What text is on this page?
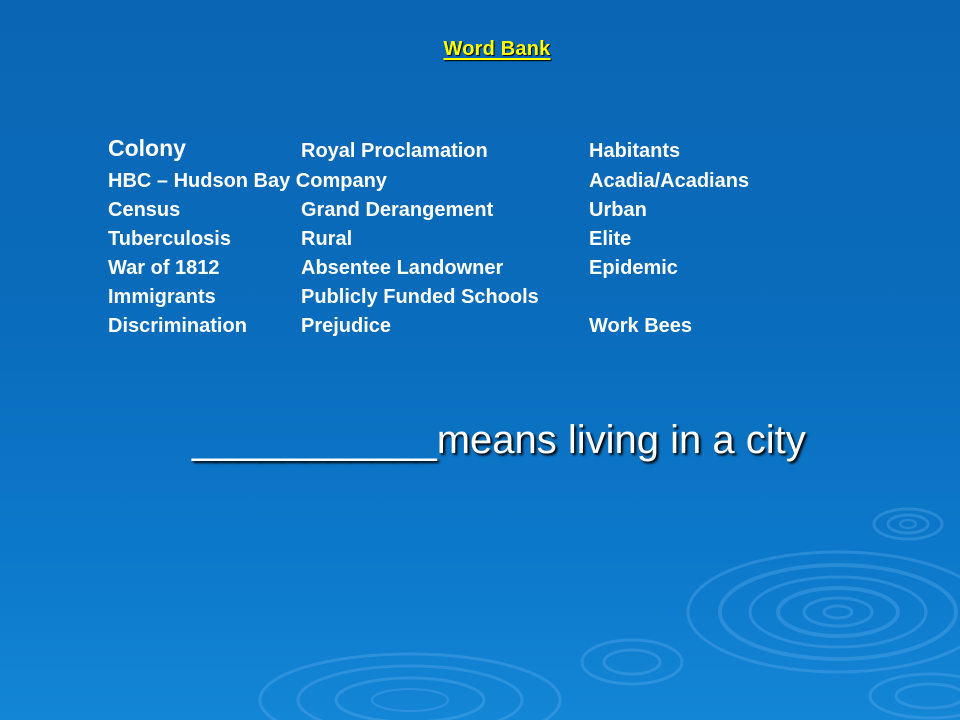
Word Bank
Colony
HBC – Hudson Bay Company
Census
Tuberculosis
War of 1812
Immigrants
Discrimination
Royal Proclamation
Grand Derangement
Rural
Absentee Landowner
Publicly Funded Schools
Prejudice
Habitants
Acadia/Acadians
Urban
Elite
Epidemic
Work Bees
___________means living in a city
